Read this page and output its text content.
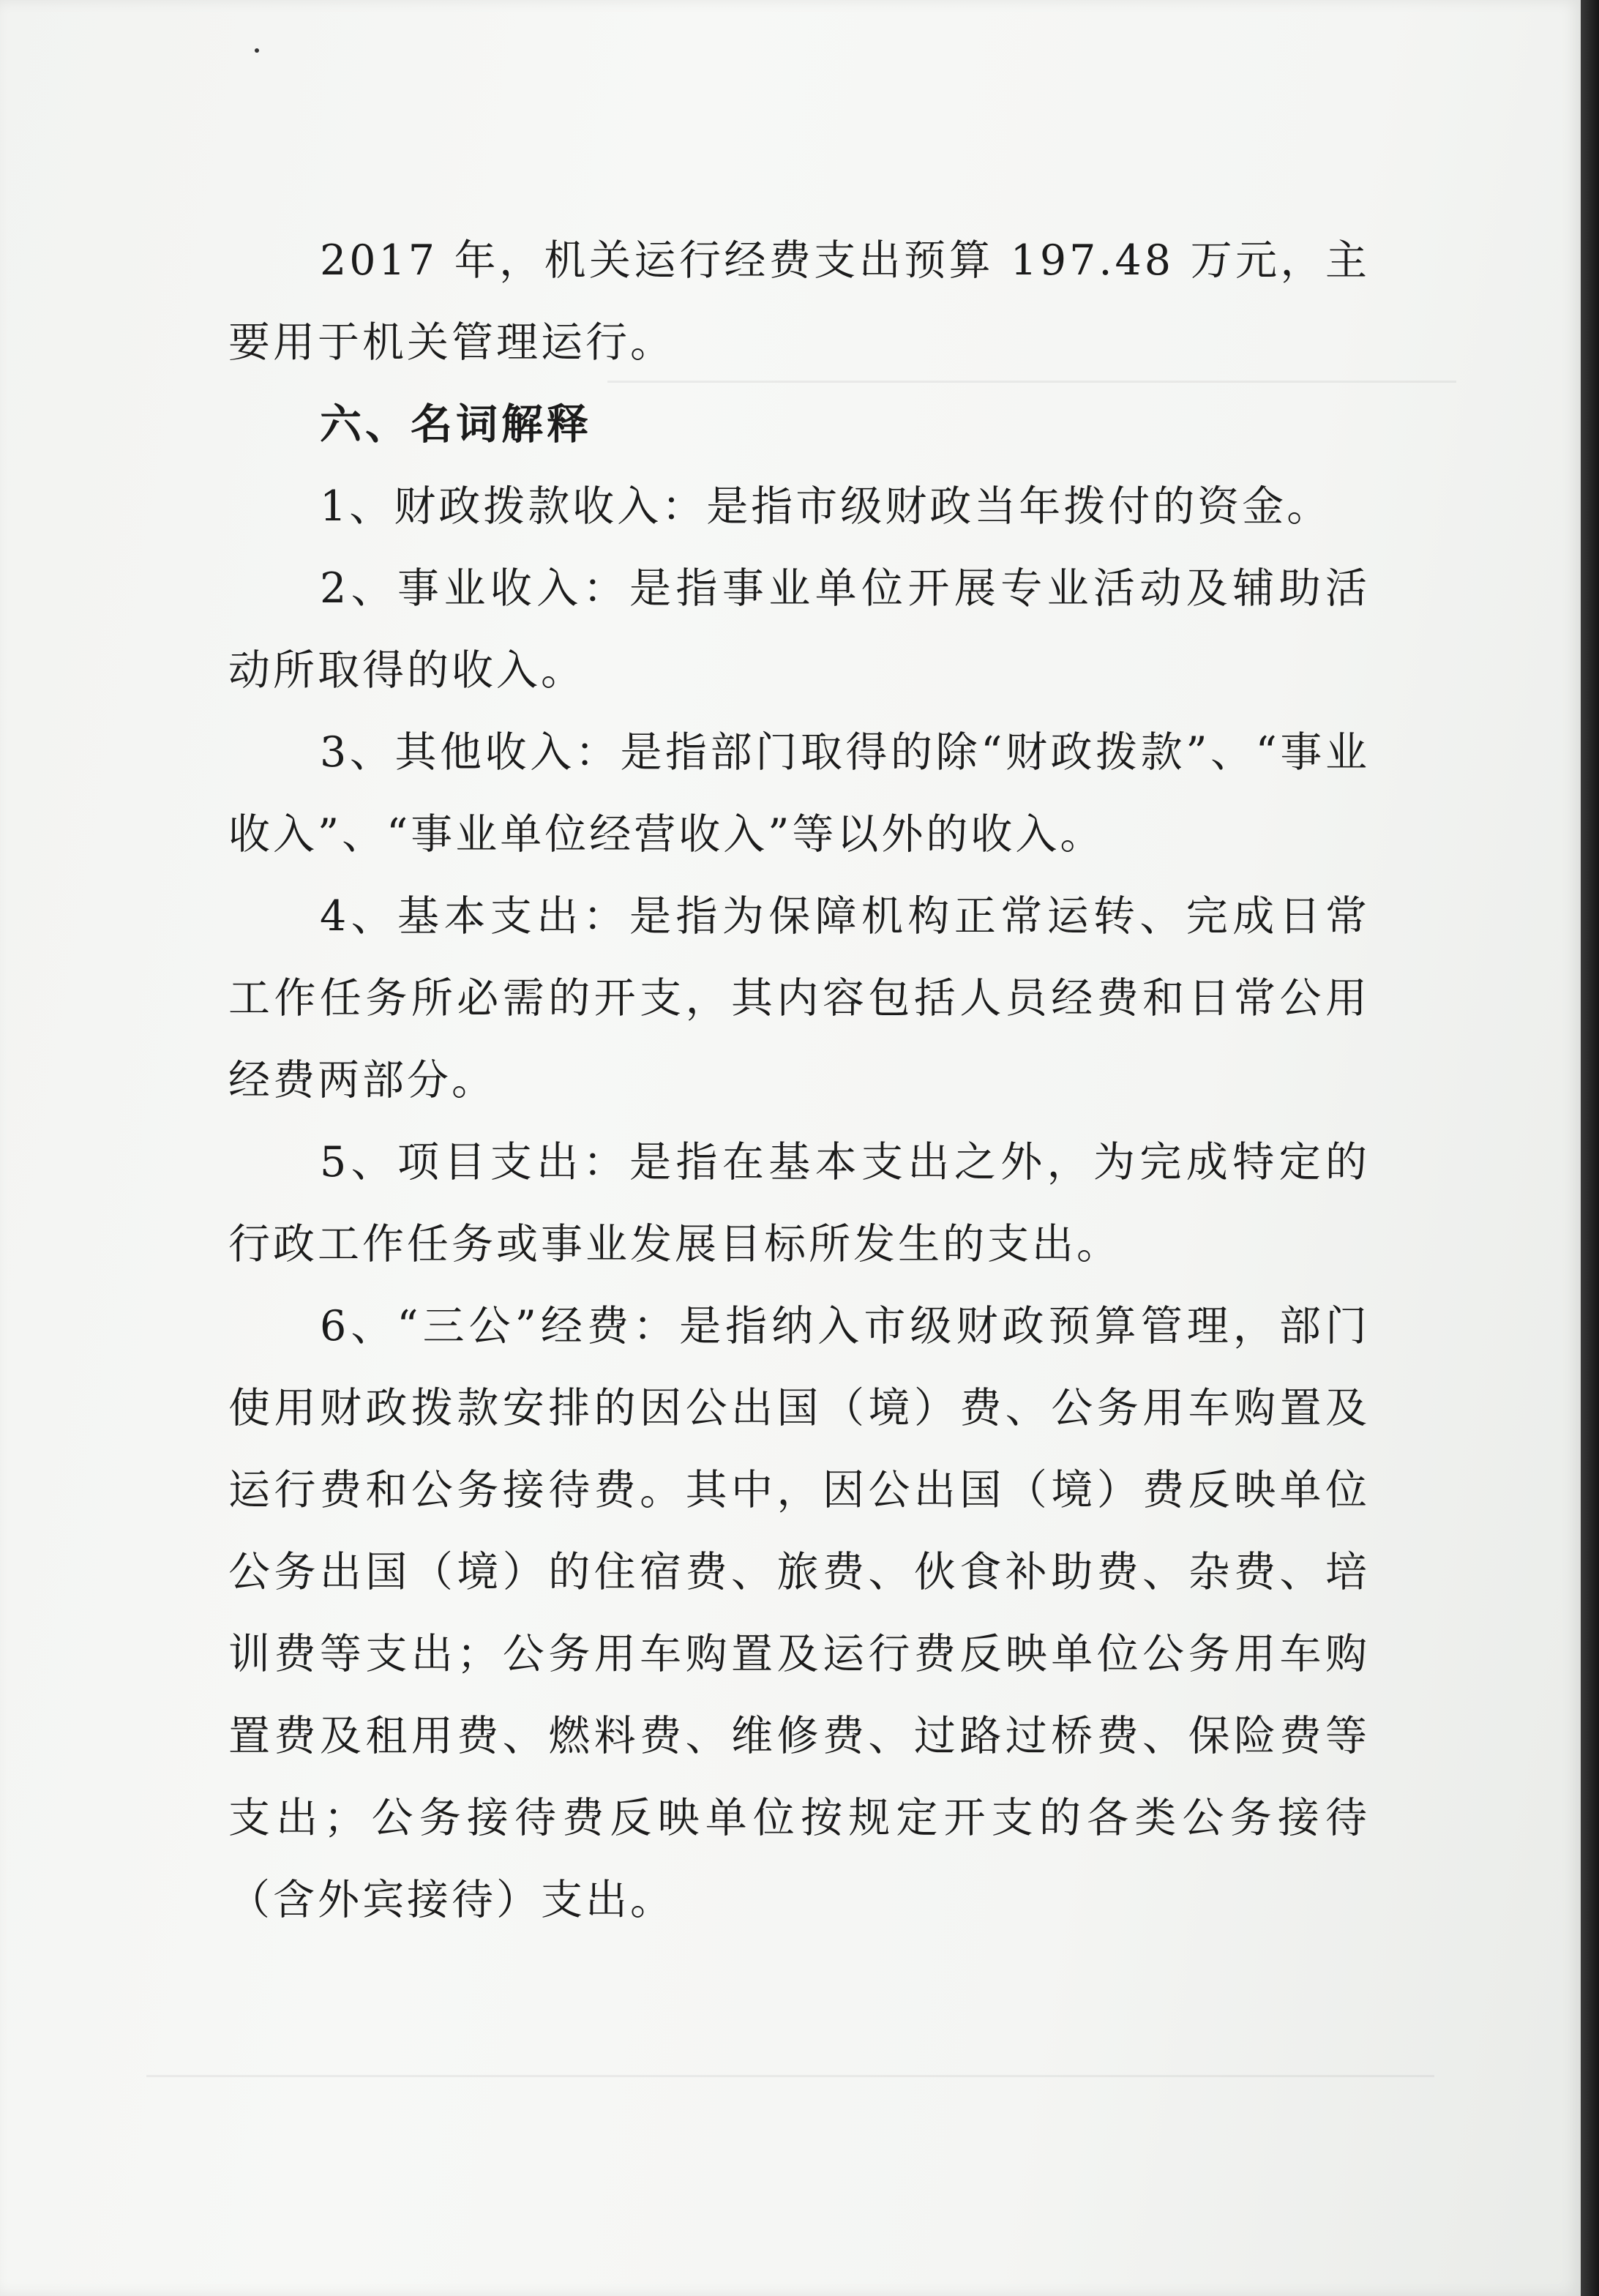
2017 年，机关运行经费支出预算 197.48 万元，主要用于机关管理运行。

六、名词解释

1、财政拨款收入：是指市级财政当年拨付的资金。

2、事业收入：是指事业单位开展专业活动及辅助活动所取得的收入。

3、其他收入：是指部门取得的除“财政拨款”、“事业收入”、“事业单位经营收入”等以外的收入。

4、基本支出：是指为保障机构正常运转、完成日常工作任务所必需的开支，其内容包括人员经费和日常公用经费两部分。

5、项目支出：是指在基本支出之外，为完成特定的行政工作任务或事业发展目标所发生的支出。

6、“三公”经费：是指纳入市级财政预算管理，部门使用财政拨款安排的因公出国（境）费、公务用车购置及运行费和公务接待费。其中，因公出国（境）费反映单位公务出国（境）的住宿费、旅费、伙食补助费、杂费、培训费等支出；公务用车购置及运行费反映单位公务用车购置费及租用费、燃料费、维修费、过路过桥费、保险费等支出；公务接待费反映单位按规定开支的各类公务接待（含外宾接待）支出。
